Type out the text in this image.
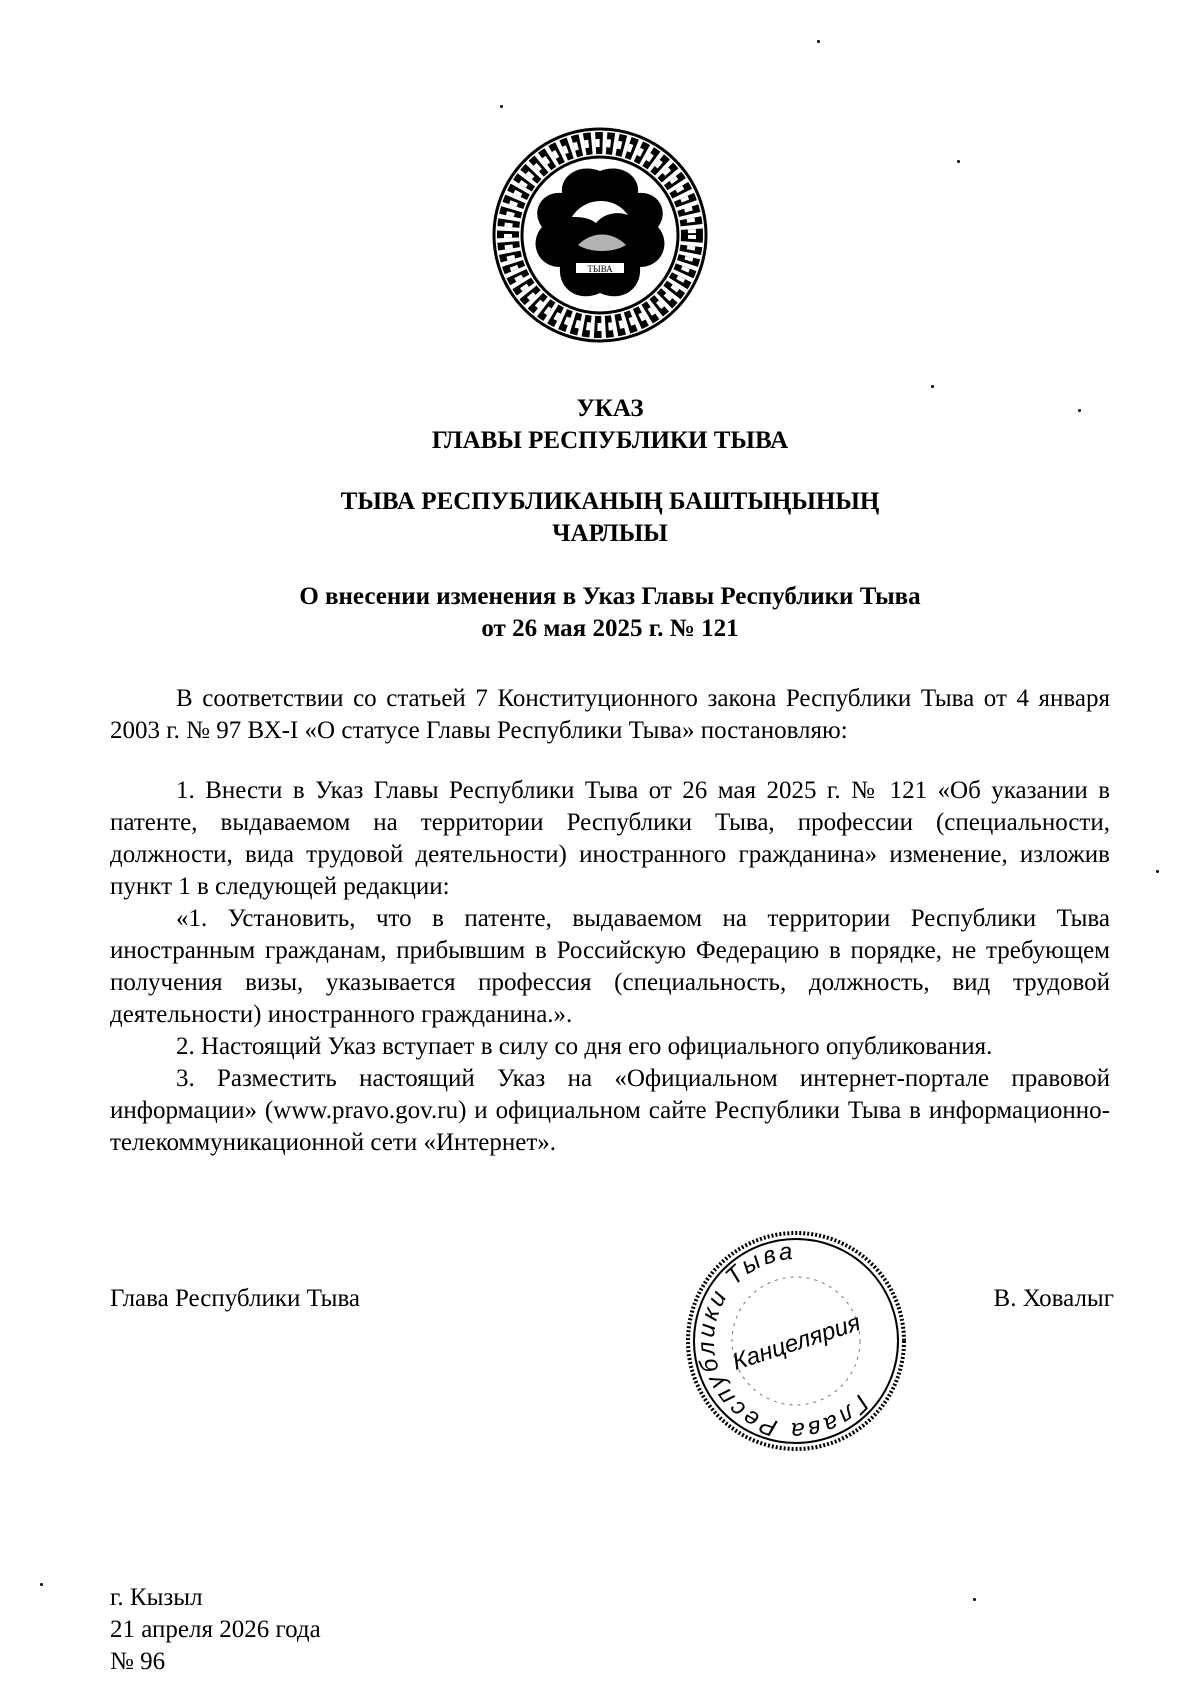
ТЫВА
УКАЗ
ГЛАВЫ РЕСПУБЛИКИ ТЫВА
ТЫВА РЕСПУБЛИКАНЫҢ БАШТЫҢЫНЫҢ
ЧАРЛЫЫ
О внесении изменения в Указ Главы Республики Тыва
от 26 мая 2025 г. № 121

В соответствии со статьей 7 Конституционного закона Республики Тыва от 4 января 2003 г. № 97 ВХ-I «О статусе Главы Республики Тыва» постановляю:

1. Внести в Указ Главы Республики Тыва от 26 мая 2025 г. № 121 «Об указании в патенте, выдаваемом на территории Республики Тыва, профессии (специальности, должности, вида трудовой деятельности) иностранного гражданина» изменение, изложив пункт 1 в следующей редакции:

«1. Установить, что в патенте, выдаваемом на территории Республики Тыва иностранным гражданам, прибывшим в Российскую Федерацию в порядке, не требующем получения визы, указывается профессия (специальность, должность, вид трудовой деятельности) иностранного гражданина.».

2. Настоящий Указ вступает в силу со дня его официального опубликования.

3. Разместить настоящий Указ на «Официальном интернет-портале правовой информации» (www.pravo.gov.ru) и официальном сайте Республики Тыва в информационно-телекоммуникационной сети «Интернет».

Глава Республики Тыва	В. Ховалыг
Глава Республики Тыва
Канцелярия
г. Кызыл
21 апреля 2026 года
№ 96
